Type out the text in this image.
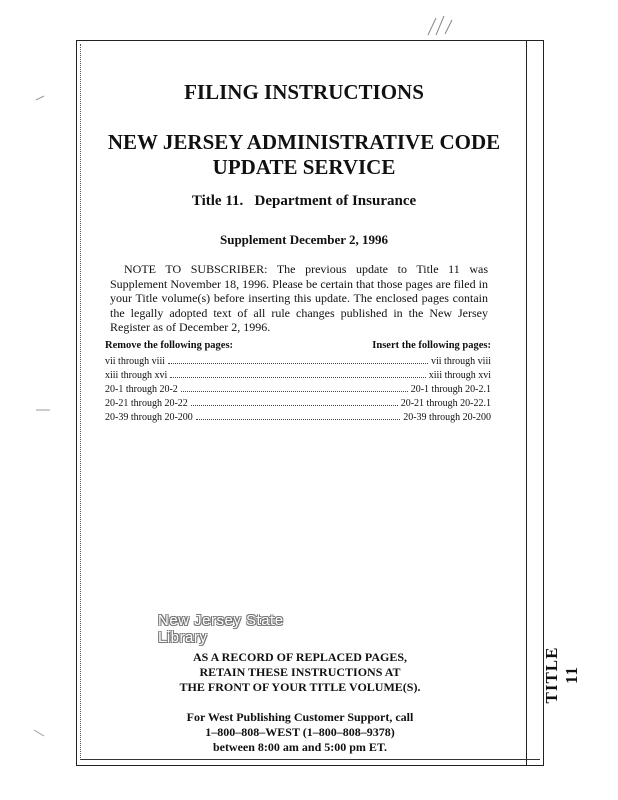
TITLE 11
FILING INSTRUCTIONS
NEW JERSEY ADMINISTRATIVE CODE
UPDATE SERVICE
Title 11.   Department of Insurance
Supplement December 2, 1996
NOTE TO SUBSCRIBER: The previous update to Title 11 was Supplement November 18, 1996. Please be certain that those pages are filed in your Title volume(s) before inserting this update. The enclosed pages contain the legally adopted text of all rule changes published in the New Jersey Register as of December 2, 1996.
Remove the following pages:	Insert the following pages:
vii through viii	vii through viii
xiii through xvi	xiii through xvi
20-1 through 20-2	20-1 through 20-2.1
20-21 through 20-22	20-21 through 20-22.1
20-39 through 20-200	20-39 through 20-200
New Jersey State Library
AS A RECORD OF REPLACED PAGES,
RETAIN THESE INSTRUCTIONS AT
THE FRONT OF YOUR TITLE VOLUME(S).
For West Publishing Customer Support, call
1–800–808–WEST (1–800–808–9378)
between 8:00 am and 5:00 pm ET.
